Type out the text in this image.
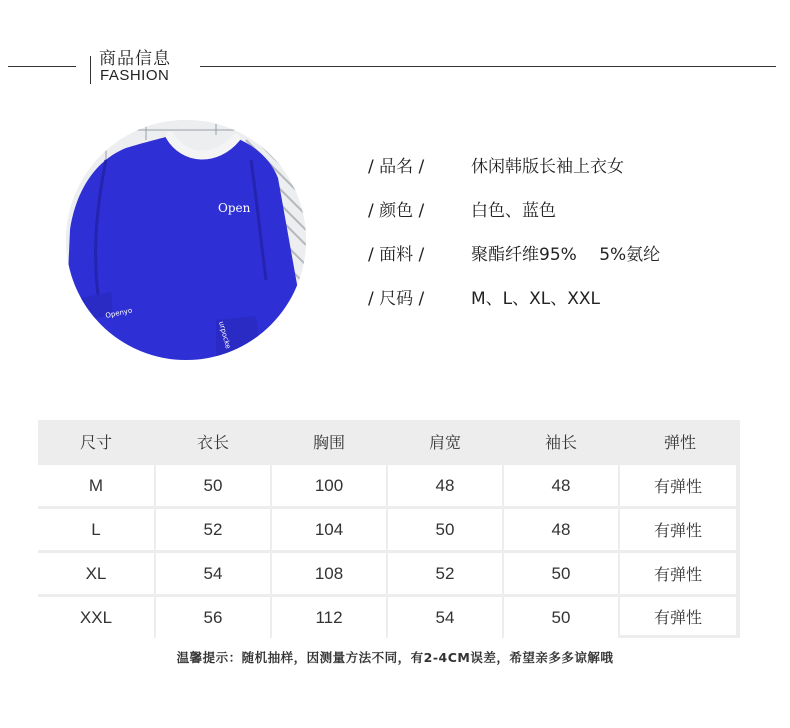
商品信息
FASHION
Open
Openyo
urpocke
/ 品名 /	休闲韩版长袖上衣女
/ 颜色 /	白色、蓝色
/ 面料 /	聚酯纤维95%　 5%氨纶
/ 尺码 /	M、L、XL、XXL
尺寸	衣长	胸围	肩宽	袖长	弹性
M	50	100	48	48	有弹性
L	52	104	50	48	有弹性
XL	54	108	52	50	有弹性
XXL	56	112	54	50	有弹性
温馨提示：随机抽样，因测量方法不同，有2-4CM误差，希望亲多多谅解哦
